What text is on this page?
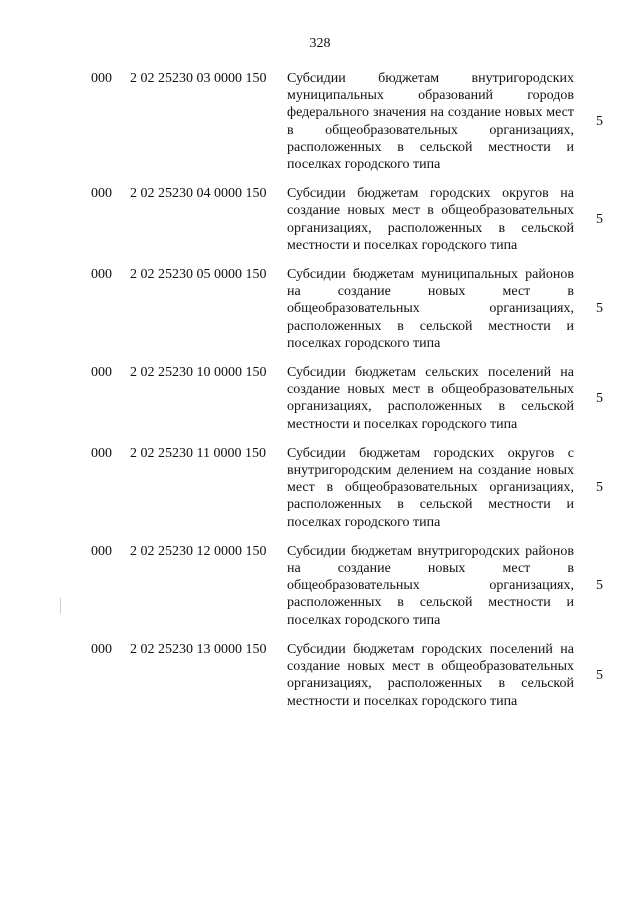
328
000 2 02 25230 03 0000 150 Субсидии бюджетам внутригородских муниципальных образований городов федерального значения на создание новых мест в общеобразовательных организациях, расположенных в сельской местности и поселках городского типа
5
000 2 02 25230 04 0000 150 Субсидии бюджетам городских округов на создание новых мест в общеобразовательных организациях, расположенных в сельской местности и поселках городского типа
5
000 2 02 25230 05 0000 150 Субсидии бюджетам муниципальных районов на создание новых мест в общеобразовательных организациях, расположенных в сельской местности и поселках городского типа
5
000 2 02 25230 10 0000 150 Субсидии бюджетам сельских поселений на создание новых мест в общеобразовательных организациях, расположенных в сельской местности и поселках городского типа
5
000 2 02 25230 11 0000 150 Субсидии бюджетам городских округов с внутригородским делением на создание новых мест в общеобразовательных организациях, расположенных в сельской местности и поселках городского типа
5
000 2 02 25230 12 0000 150 Субсидии бюджетам внутригородских районов на создание новых мест в общеобразовательных организациях, расположенных в сельской местности и поселках городского типа
5
000 2 02 25230 13 0000 150 Субсидии бюджетам городских поселений на создание новых мест в общеобразовательных организациях, расположенных в сельской местности и поселках городского типа
5
